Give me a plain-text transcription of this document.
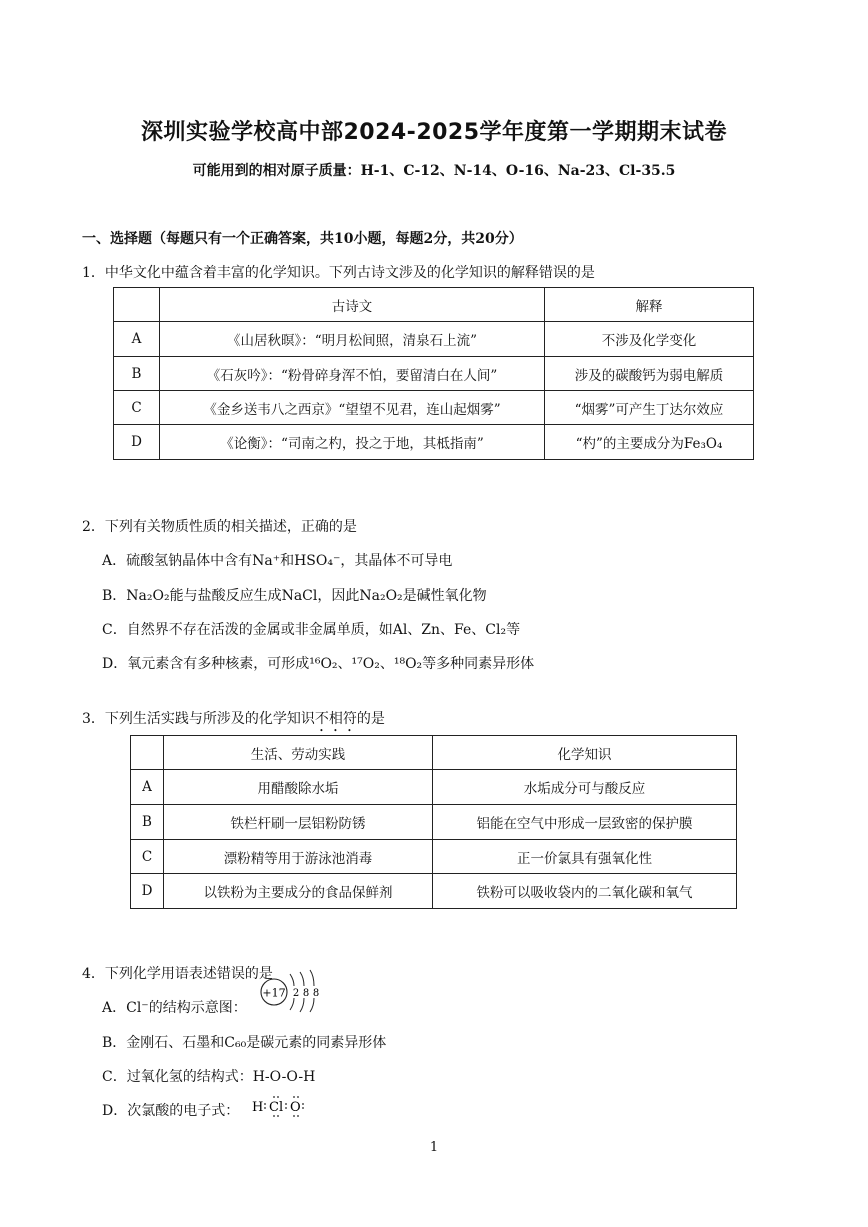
深圳实验学校高中部2024-2025学年度第一学期期末试卷
可能用到的相对原子质量：H-1、C-12、N-14、O-16、Na-23、Cl-35.5
一、选择题（每题只有一个正确答案，共10小题，每题2分，共20分）
1．中华文化中蕴含着丰富的化学知识。下列古诗文涉及的化学知识的解释错误的是
	古诗文	解释
A	《山居秋暝》：“明月松间照，清泉石上流”	不涉及化学变化
B	《石灰吟》：“粉骨碎身浑不怕，要留清白在人间”	涉及的碳酸钙为弱电解质
C	《金乡送韦八之西京》“望望不见君，连山起烟雾”	“烟雾”可产生丁达尔效应
D	《论衡》：“司南之杓，投之于地，其柢指南”	“杓”的主要成分为Fe₃O₄
2．下列有关物质性质的相关描述，正确的是
A．硫酸氢钠晶体中含有Na⁺和HSO₄⁻，其晶体不可导电
B．Na₂O₂能与盐酸反应生成NaCl，因此Na₂O₂是碱性氧化物
C．自然界不存在活泼的金属或非金属单质，如Al、Zn、Fe、Cl₂等
D．氧元素含有多种核素，可形成¹⁶O₂、¹⁷O₂、¹⁸O₂等多种同素异形体
3．下列生活实践与所涉及的化学知识不相符的是
	生活、劳动实践	化学知识
A	用醋酸除水垢	水垢成分可与酸反应
B	铁栏杆刷一层铝粉防锈	铝能在空气中形成一层致密的保护膜
C	漂粉精等用于游泳池消毒	正一价氯具有强氧化性
D	以铁粉为主要成分的食品保鲜剂	铁粉可以吸收袋内的二氧化碳和氧气
4．下列化学用语表述错误的是
A．Cl⁻的结构示意图：
+17 2 8 8
B．金刚石、石墨和C₆₀是碳元素的同素异形体
C．过氧化氢的结构式：H-O-O-H
D．次氯酸的电子式： H Cl O
1
